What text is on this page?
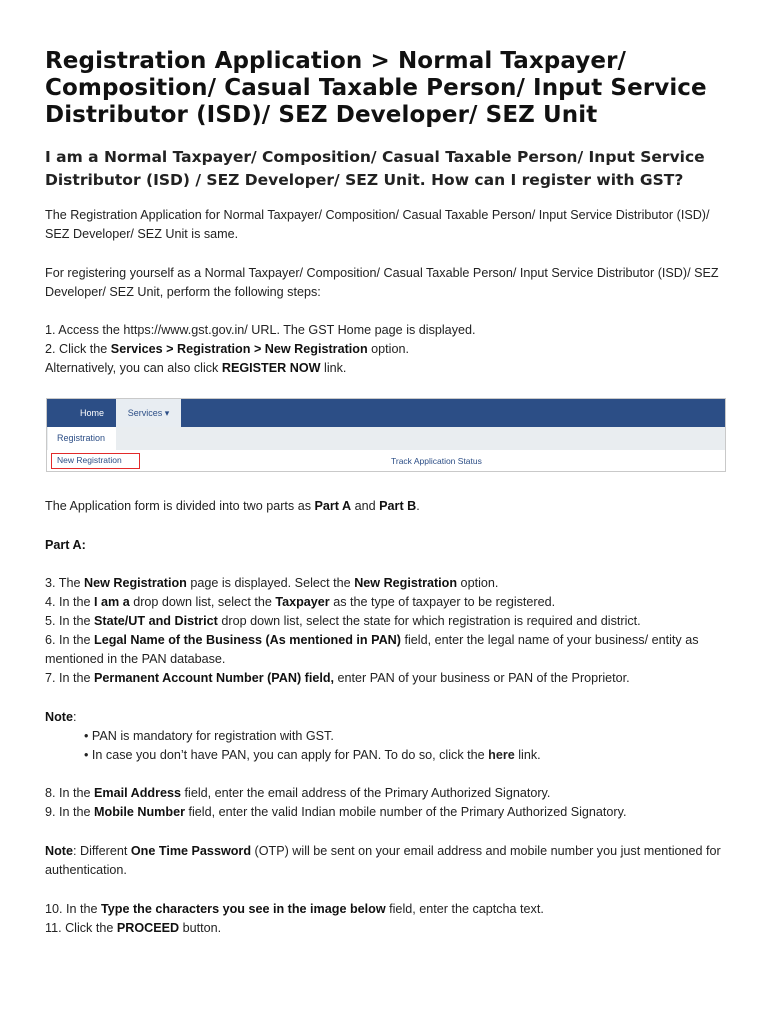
Registration Application > Normal Taxpayer/ Composition/ Casual Taxable Person/ Input Service Distributor (ISD)/ SEZ Developer/ SEZ Unit
I am a Normal Taxpayer/ Composition/ Casual Taxable Person/ Input Service Distributor (ISD) / SEZ Developer/ SEZ Unit. How can I register with GST?

The Registration Application for Normal Taxpayer/ Composition/ Casual Taxable Person/ Input Service Distributor (ISD)/ SEZ Developer/ SEZ Unit is same.

For registering yourself as a Normal Taxpayer/ Composition/ Casual Taxable Person/ Input Service Distributor (ISD)/ SEZ Developer/ SEZ Unit, perform the following steps:

1. Access the https://www.gst.gov.in/ URL. The GST Home page is displayed.

2. Click the Services > Registration > New Registration option.

Alternatively, you can also click REGISTER NOW link.

Home	Services ▾
Registration
New Registration	Track Application Status

The Application form is divided into two parts as Part A and Part B.

Part A:

3. The New Registration page is displayed. Select the New Registration option.

4. In the I am a drop down list, select the Taxpayer as the type of taxpayer to be registered.

5. In the State/UT and District drop down list, select the state for which registration is required and district.

6. In the Legal Name of the Business (As mentioned in PAN) field, enter the legal name of your business/ entity as mentioned in the PAN database.

7. In the Permanent Account Number (PAN) field, enter PAN of your business or PAN of the Proprietor.

Note:

• PAN is mandatory for registration with GST.

• In case you don’t have PAN, you can apply for PAN. To do so, click the here link.

8. In the Email Address field, enter the email address of the Primary Authorized Signatory.

9. In the Mobile Number field, enter the valid Indian mobile number of the Primary Authorized Signatory.

Note: Different One Time Password (OTP) will be sent on your email address and mobile number you just mentioned for authentication.

10. In the Type the characters you see in the image below field, enter the captcha text.

11. Click the PROCEED button.
